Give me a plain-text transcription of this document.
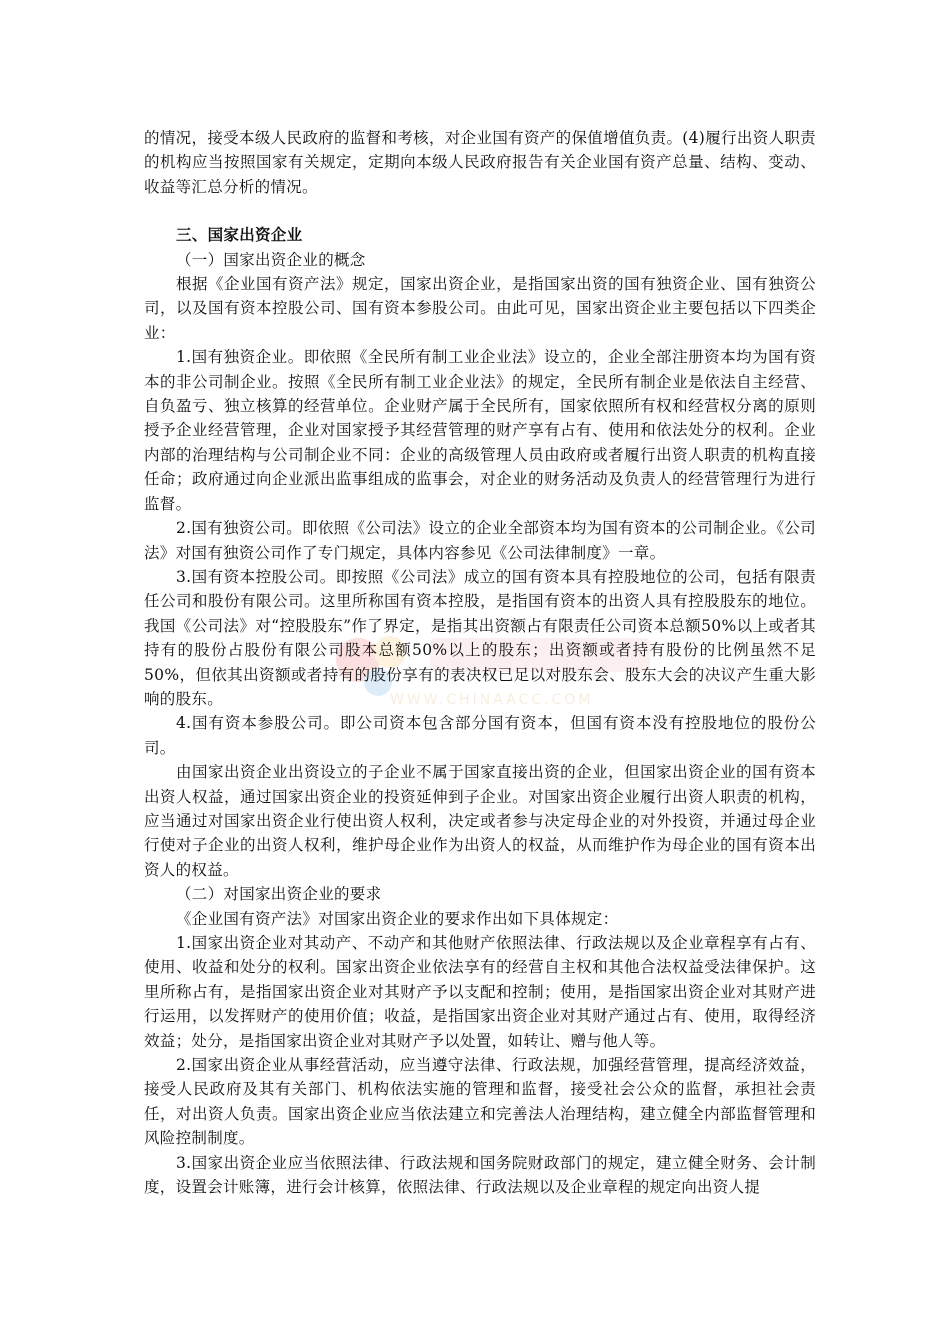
WWW.CHINAACC.COM

的情况，接受本级人民政府的监督和考核，对企业国有资产的保值增值负责。(4)履行出资人职责的机构应当按照国家有关规定，定期向本级人民政府报告有关企业国有资产总量、结构、变动、收益等汇总分析的情况。

三、国家出资企业

（一）国家出资企业的概念

根据《企业国有资产法》规定，国家出资企业，是指国家出资的国有独资企业、国有独资公司，以及国有资本控股公司、国有资本参股公司。由此可见，国家出资企业主要包括以下四类企业：

1.国有独资企业。即依照《全民所有制工业企业法》设立的，企业全部注册资本均为国有资本的非公司制企业。按照《全民所有制工业企业法》的规定，全民所有制企业是依法自主经营、自负盈亏、独立核算的经营单位。企业财产属于全民所有，国家依照所有权和经营权分离的原则授予企业经营管理，企业对国家授予其经营管理的财产享有占有、使用和依法处分的权利。企业内部的治理结构与公司制企业不同：企业的高级管理人员由政府或者履行出资人职责的机构直接任命；政府通过向企业派出监事组成的监事会，对企业的财务活动及负责人的经营管理行为进行监督。

2.国有独资公司。即依照《公司法》设立的企业全部资本均为国有资本的公司制企业。《公司法》对国有独资公司作了专门规定，具体内容参见《公司法律制度》一章。

3.国有资本控股公司。即按照《公司法》成立的国有资本具有控股地位的公司，包括有限责任公司和股份有限公司。这里所称国有资本控股，是指国有资本的出资人具有控股股东的地位。我国《公司法》对“控股股东”作了界定，是指其出资额占有限责任公司资本总额50%以上或者其持有的股份占股份有限公司股本总额50%以上的股东；出资额或者持有股份的比例虽然不足50%，但依其出资额或者持有的股份享有的表决权已足以对股东会、股东大会的决议产生重大影响的股东。

4.国有资本参股公司。即公司资本包含部分国有资本，但国有资本没有控股地位的股份公司。

由国家出资企业出资设立的子企业不属于国家直接出资的企业，但国家出资企业的国有资本出资人权益，通过国家出资企业的投资延伸到子企业。对国家出资企业履行出资人职责的机构，应当通过对国家出资企业行使出资人权利，决定或者参与决定母企业的对外投资，并通过母企业行使对子企业的出资人权利，维护母企业作为出资人的权益，从而维护作为母企业的国有资本出资人的权益。

（二）对国家出资企业的要求

《企业国有资产法》对国家出资企业的要求作出如下具体规定：

1.国家出资企业对其动产、不动产和其他财产依照法律、行政法规以及企业章程享有占有、使用、收益和处分的权利。国家出资企业依法享有的经营自主权和其他合法权益受法律保护。这里所称占有，是指国家出资企业对其财产予以支配和控制；使用，是指国家出资企业对其财产进行运用，以发挥财产的使用价值；收益，是指国家出资企业对其财产通过占有、使用，取得经济效益；处分，是指国家出资企业对其财产予以处置，如转让、赠与他人等。

2.国家出资企业从事经营活动，应当遵守法律、行政法规，加强经营管理，提高经济效益，接受人民政府及其有关部门、机构依法实施的管理和监督，接受社会公众的监督，承担社会责任，对出资人负责。国家出资企业应当依法建立和完善法人治理结构，建立健全内部监督管理和风险控制制度。

3.国家出资企业应当依照法律、行政法规和国务院财政部门的规定，建立健全财务、会计制度，设置会计账簿，进行会计核算，依照法律、行政法规以及企业章程的规定向出资人提
